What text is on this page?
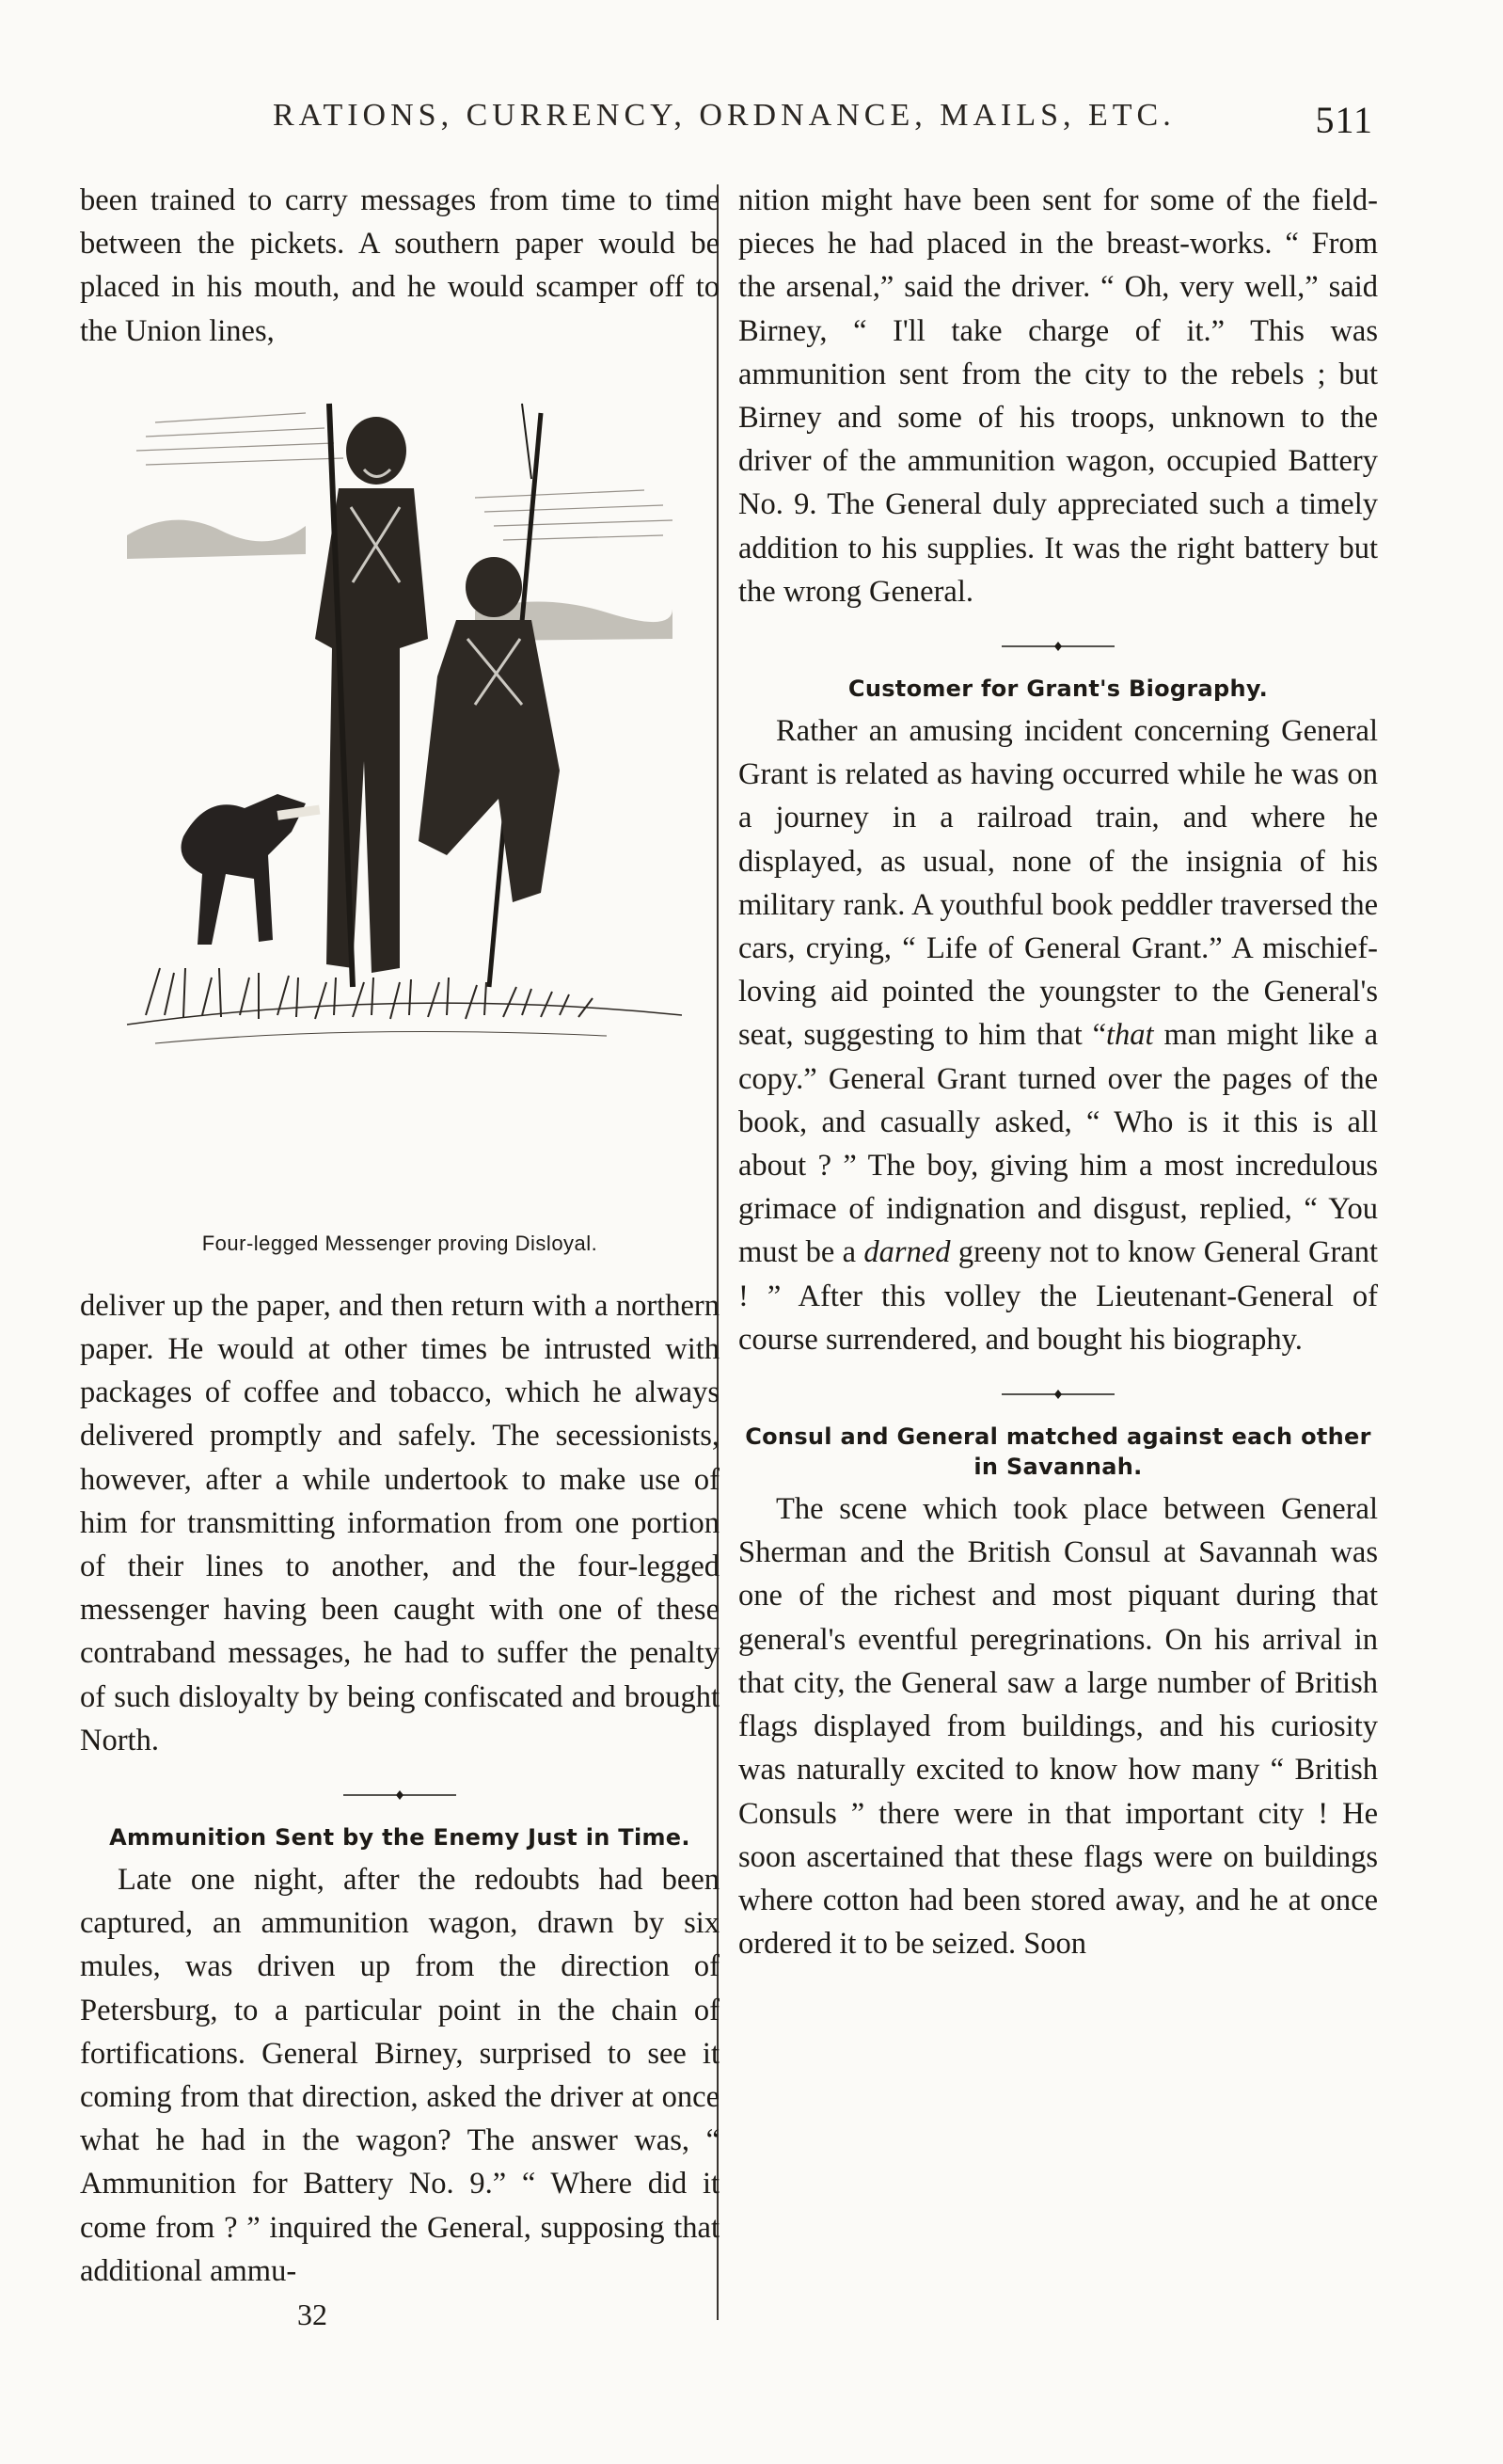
RATIONS, CURRENCY, ORDNANCE, MAILS, ETC.	511

been trained to carry messages from time to time between the pickets. A southern paper would be placed in his mouth, and he would scamper off to the Union lines,

Four-legged Messenger proving Disloyal.

deliver up the paper, and then return with a northern paper. He would at other times be intrusted with packages of coffee and tobacco, which he always delivered promptly and safely. The secessionists, however, after a while undertook to make use of him for transmitting information from one portion of their lines to another, and the four-legged messenger having been caught with one of these contraband messages, he had to suffer the penalty of such disloyalty by being confiscated and brought North.

Ammunition Sent by the Enemy Just in Time.

Late one night, after the redoubts had been captured, an ammunition wagon, drawn by six mules, was driven up from the direction of Petersburg, to a particular point in the chain of fortifications. General Birney, surprised to see it coming from that direction, asked the driver at once what he had in the wagon? The answer was, “ Ammunition for Battery No. 9.” “ Where did it come from ? ” inquired the General, supposing that additional ammu-

nition might have been sent for some of the field-pieces he had placed in the breast-works. “ From the arsenal,” said the driver. “ Oh, very well,” said Birney, “ I'll take charge of it.” This was ammunition sent from the city to the rebels ; but Birney and some of his troops, unknown to the driver of the ammunition wagon, occupied Battery No. 9. The General duly appreciated such a timely addition to his supplies. It was the right battery but the wrong General.

Customer for Grant's Biography.

Rather an amusing incident concerning General Grant is related as having occurred while he was on a journey in a railroad train, and where he displayed, as usual, none of the insignia of his military rank. A youthful book peddler traversed the cars, crying, “ Life of General Grant.” A mischief-loving aid pointed the youngster to the General's seat, suggesting to him that “that man might like a copy.” General Grant turned over the pages of the book, and casually asked, “ Who is it this is all about ? ” The boy, giving him a most incredulous grimace of indignation and disgust, replied, “ You must be a darned greeny not to know General Grant ! ” After this volley the Lieutenant-General of course surrendered, and bought his biography.

Consul and General matched against each other in Savannah.

The scene which took place between General Sherman and the British Consul at Savannah was one of the richest and most piquant during that general's eventful peregrinations. On his arrival in that city, the General saw a large number of British flags displayed from buildings, and his curiosity was naturally excited to know how many “ British Consuls ” there were in that important city ! He soon ascertained that these flags were on buildings where cotton had been stored away, and he at once ordered it to be seized. Soon

32
